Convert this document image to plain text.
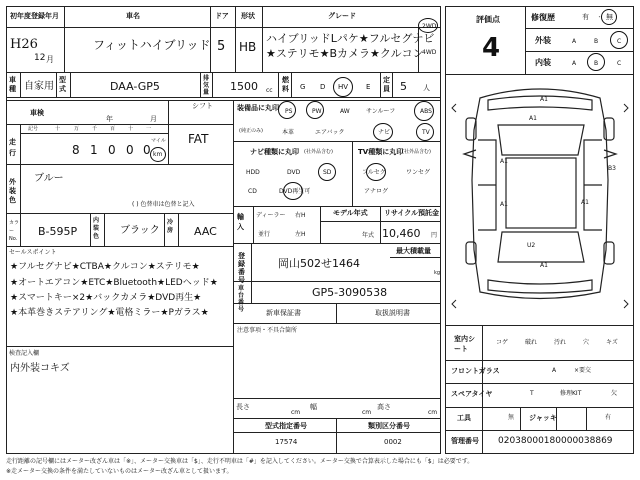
初年度登録年月
H26
12 月
車名
フィットハイブリッド
ドア
5
形状
HB
グレード
ハイブリッドLパケ★フルセグナビ
★ステリモ★Bカメラ★クルコン
2WD
4WD
評価点
4
修復歴	有 ・ 無
外装	A	B	C
内装	A	B	C
車種 自家用
型式	DAA-GP5
排気量 1500 cc
燃料 G D HV	E
定員 5 人
車検
年	月
走行
記号	十	万	千	百	十	一
8 1 0 0 0
マイル
km
シフト
FAT
装備品に丸印
(純正のみ)
PS	PW	AW	サンルーフ	ABS
本革	エアバック	ナビ	TV
ナビ種類に丸印 (社外品含む)
HDD	DVD	SD
CD	DVD再生可
TV種類に丸印
(社外品含む)
フルセグ	ワンセグ
アナログ
外装色
ブルー
( ) 色替車は色替と記入
カラー No.
B-595P
内装色
ブラック
冷房 AAC
輸入
ディーラー
並行
右H
左H
モデル年式
年式
リサイクル預託金
10,460 円
登録番号
岡山502せ1464
最大積載量
kg
車台番号
GP5-3090538
セールスポイント
★フルセグナビ★CTBA★クルコン★ステリモ★
★オートエアコン★ETC★Bluetooth★LEDヘッド★
★スマートキー×2★バックカメラ★DVD再生★
★本革巻きステアリング★電格ミラー★Pガラス★
検査記入欄
内外装コキズ
新車保証書	取扱説明書
注意事項・不具合箇所
長さ
cm
幅
cm
高さ
cm
型式指定番号
17574
類別区分番号
0002
A1
A1
A1
A1
B3
A1
U2
A1
室内シート
コゲ	破れ	汚れ	穴	キズ
フロントガラス	A	×要交
スペアタイヤ	T	修理KIT	欠
工具	無 ジャッキ	有
管理番号 020380001800000388​69
走行距離の記号欄にはメーター改ざん車は「※」、メーター交換車は「$」、走行不明車は「#」を記入してください。メーター交換で合算表示した場合にも「$」は必要です。
※走メーター交換の条件を満たしていないものはメーター改ざん車として扱います。
